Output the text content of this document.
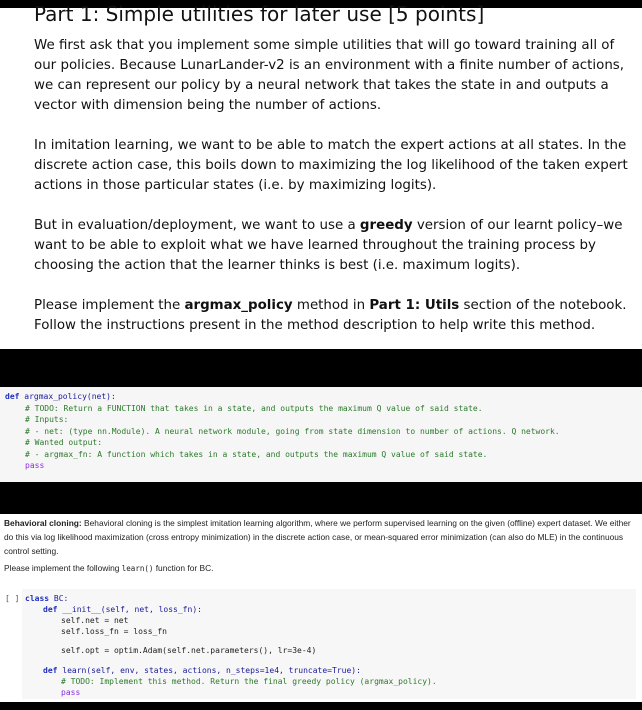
Part 1: Simple utilities for later use [5 points]

We first ask that you implement some simple utilities that will go toward training all of our policies. Because LunarLander-v2 is an environment with a finite number of actions, we can represent our policy by a neural network that takes the state in and outputs a vector with dimension being the number of actions.

In imitation learning, we want to be able to match the expert actions at all states. In the discrete action case, this boils down to maximizing the log likelihood of the taken expert actions in those particular states (i.e. by maximizing logits).

But in evaluation/deployment, we want to use a greedy version of our learnt policy–we want to be able to exploit what we have learned throughout the training process by choosing the action that the learner thinks is best (i.e. maximum logits).

Please implement the argmax_policy method in Part 1: Utils section of the notebook. Follow the instructions present in the method description to help write this method.

def argmax_policy(net):
# TODO: Return a FUNCTION that takes in a state, and outputs the maximum Q value of said state.
# Inputs:
# - net: (type nn.Module). A neural network module, going from state dimension to number of actions. Q network.
# Wanted output:
# - argmax_fn: A function which takes in a state, and outputs the maximum Q value of said state.
pass

Behavioral cloning: Behavioral cloning is the simplest imitation learning algorithm, where we perform supervised learning on the given (offline) expert dataset. We either do this via log likelihood maximization (cross entropy minimization) in the discrete action case, or mean-squared error minimization (can also do MLE) in the continuous control setting.

Please implement the following learn() function for BC.

[ ] class BC:
def __init__(self, net, loss_fn):
self.net = net
self.loss_fn = loss_fn
self.opt = optim.Adam(self.net.parameters(), lr=3e-4)
def learn(self, env, states, actions, n_steps=1e4, truncate=True):
# TODO: Implement this method. Return the final greedy policy (argmax_policy).
pass
